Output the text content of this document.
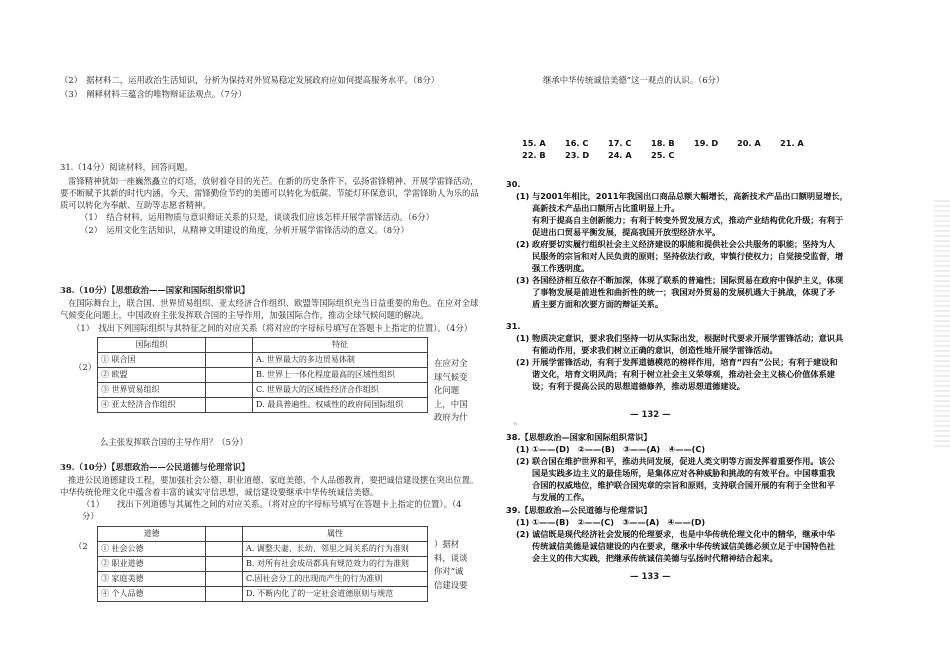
（2）　据材料二，运用政治生活知识，分析为保持对外贸易稳定发展政府应如何提高服务水平。（8分）
（3）　阐释材料三蕴含的唯物辩证法观点。（7分）
31.（14分）阅读材料，回答问题。
雷锋精神犹如一座巍然矗立的灯塔，放射着夺目的光芒。在新的历史条件下，弘扬雷锋精神、开展学雷锋活动，
要不断赋予其新的时代内涵。今天，雷锋勤俭节约的美德可以转化为低碳、节能灯环保意识，学雷锋助人为乐的品
质可以转化为奉献、互助等志愿者精神。
（1）　结合材料，运用物质与意识辩证关系的只是，谈谈我们应该怎样开展学雷锋活动。（6分）
（2）　运用文化生活知识，从精神文明建设的角度，分析开展学雷锋活动的意义。（8分）
38.（10分）【思想政治——国家和国际组织常识】
在国际舞台上，联合国、世界贸易组织、亚太经济合作组织、欧盟等国际组织充当日益重要的角色。在应对全球
气候变化问题上，中国政府主张发挥联合国的主导作用，加强国际合作，推动全球气候问题的解决。
（1）　找出下列国际组织与其特征之间的对应关系（将对应的字母标号填写在答题卡上指定的位置）。（4分）
国际组织		特征
① 联合国		A. 世界最大的多边贸易体制
② 欧盟		B. 世界上一体化程度最高的区域性组织
③ 世界贸易组织		C. 世界最大的区域性经济合作组织
④ 亚太经济合作组织		D. 最具普遍性、权威性的政府间国际组织
（2）	在应对全球气候变化问题上，中国政府为什
么主张发挥联合国的主导作用？（5分）
39.（10分）【思想政治——公民道德与伦理常识】
推进公民道德建设工程，要加强社会公德、职业道德、家庭美德、个人品德教育，要把诚信建设摆在突出位置。
中华传统伦理文化中蕴含着丰富的诚实守信思想，诚信建设要继承中华传统诚信美德。
（1） 找出下列道德与其属性之间的对应关系。（将对应的字母标号填写在答题卡上指定的位置）。（4
分）
道德		属性
① 社会公德		A. 调整夫妻、长幼、邻里之间关系的行为准则
② 职业道德		B. 对所有社会成员都具有规范效力的行为准则
③ 家庭美德		C.因社会分工的出现而产生的行为准则
④ 个人品德		D. 不断内化了的一定社会道德原则与规范
（2	）据材料，谈谈你对“诚信建设要
继承中华传统诚信美德”这一观点的认识。（6分）
15. A 16. C 17. C 18. B 19. D 20. A 21. A
22. B 23. D 24. A 25. C
30.
(1) 与2001年相比，2011年我国出口商品总额大幅增长，高新技术产品出口额明显增长，
高新技术产品出口额所占比重明显上升。
有利于提高自主创新能力；有利于转变外贸发展方式，推动产业结构优化升级；有利于
促进出口贸易平衡发展，提高我国开放型经济水平。
(2) 政府要切实履行组织社会主义经济建设的职能和提供社会公共服务的职能；坚持为人
民服务的宗旨和对人民负责的原则；坚持依法行政，审慎行使权力；自觉接受监督，增
强工作透明度。
(3) 各国经济相互依存不断加深，体现了联系的普遍性；国际贸易在政府中保护主义，体现
了事物发展是前进性和曲折性的统一；我国对外贸易的发展机遇大于挑战，体现了矛
盾主要方面和次要方面的辩证关系。
31.
(1) 物质决定意识，要求我们坚持一切从实际出发，根据时代要求开展学雷锋活动；意识具
有能动作用，要求我们树立正确的意识，创造性地开展学雷锋活动。
(2) 开展学雷锋活动，有利于发挥道德模范的榜样作用，培育“四有”公民；有利于建设和
谐文化，培育文明风尚；有利于树立社会主义荣辱观，推动社会主义核心价值体系建
设；有利于提高公民的思想道德修养，推动思想道德建设。
— 132 —
ʷ
38.【思想政治—国家和国际组织常识】
(1) ①——(D)　②——(B)　③——(A)　④——(C)
(2) 联合国在维护世界和平，推动共同发展，促进人类文明等方面发挥着重要作用。该公
国是实践多边主义的最佳场所，是集体应对各种威胁和挑战的有效平台。中国尊重我
合国的权威地位，维护联合国宪章的宗旨和原则，支持联合国开展的有利于全世和平
与发展的工作。
39.【思想政治—公民道德与伦理常识】
(1) ①——(B)　②——(C)　③——(A)　④——(D)
(2) 诚信既是现代经济社会发展的伦理要求，也是中华传统伦理文化中的精华，继承中华
传统诚信美德是诚信建设的内在要求，继承中华传统诚信美德必须立足于中国特色社
会主义的伟大实践，把继承传统诚信美德与弘扬时代精神结合起来。
— 133 —
